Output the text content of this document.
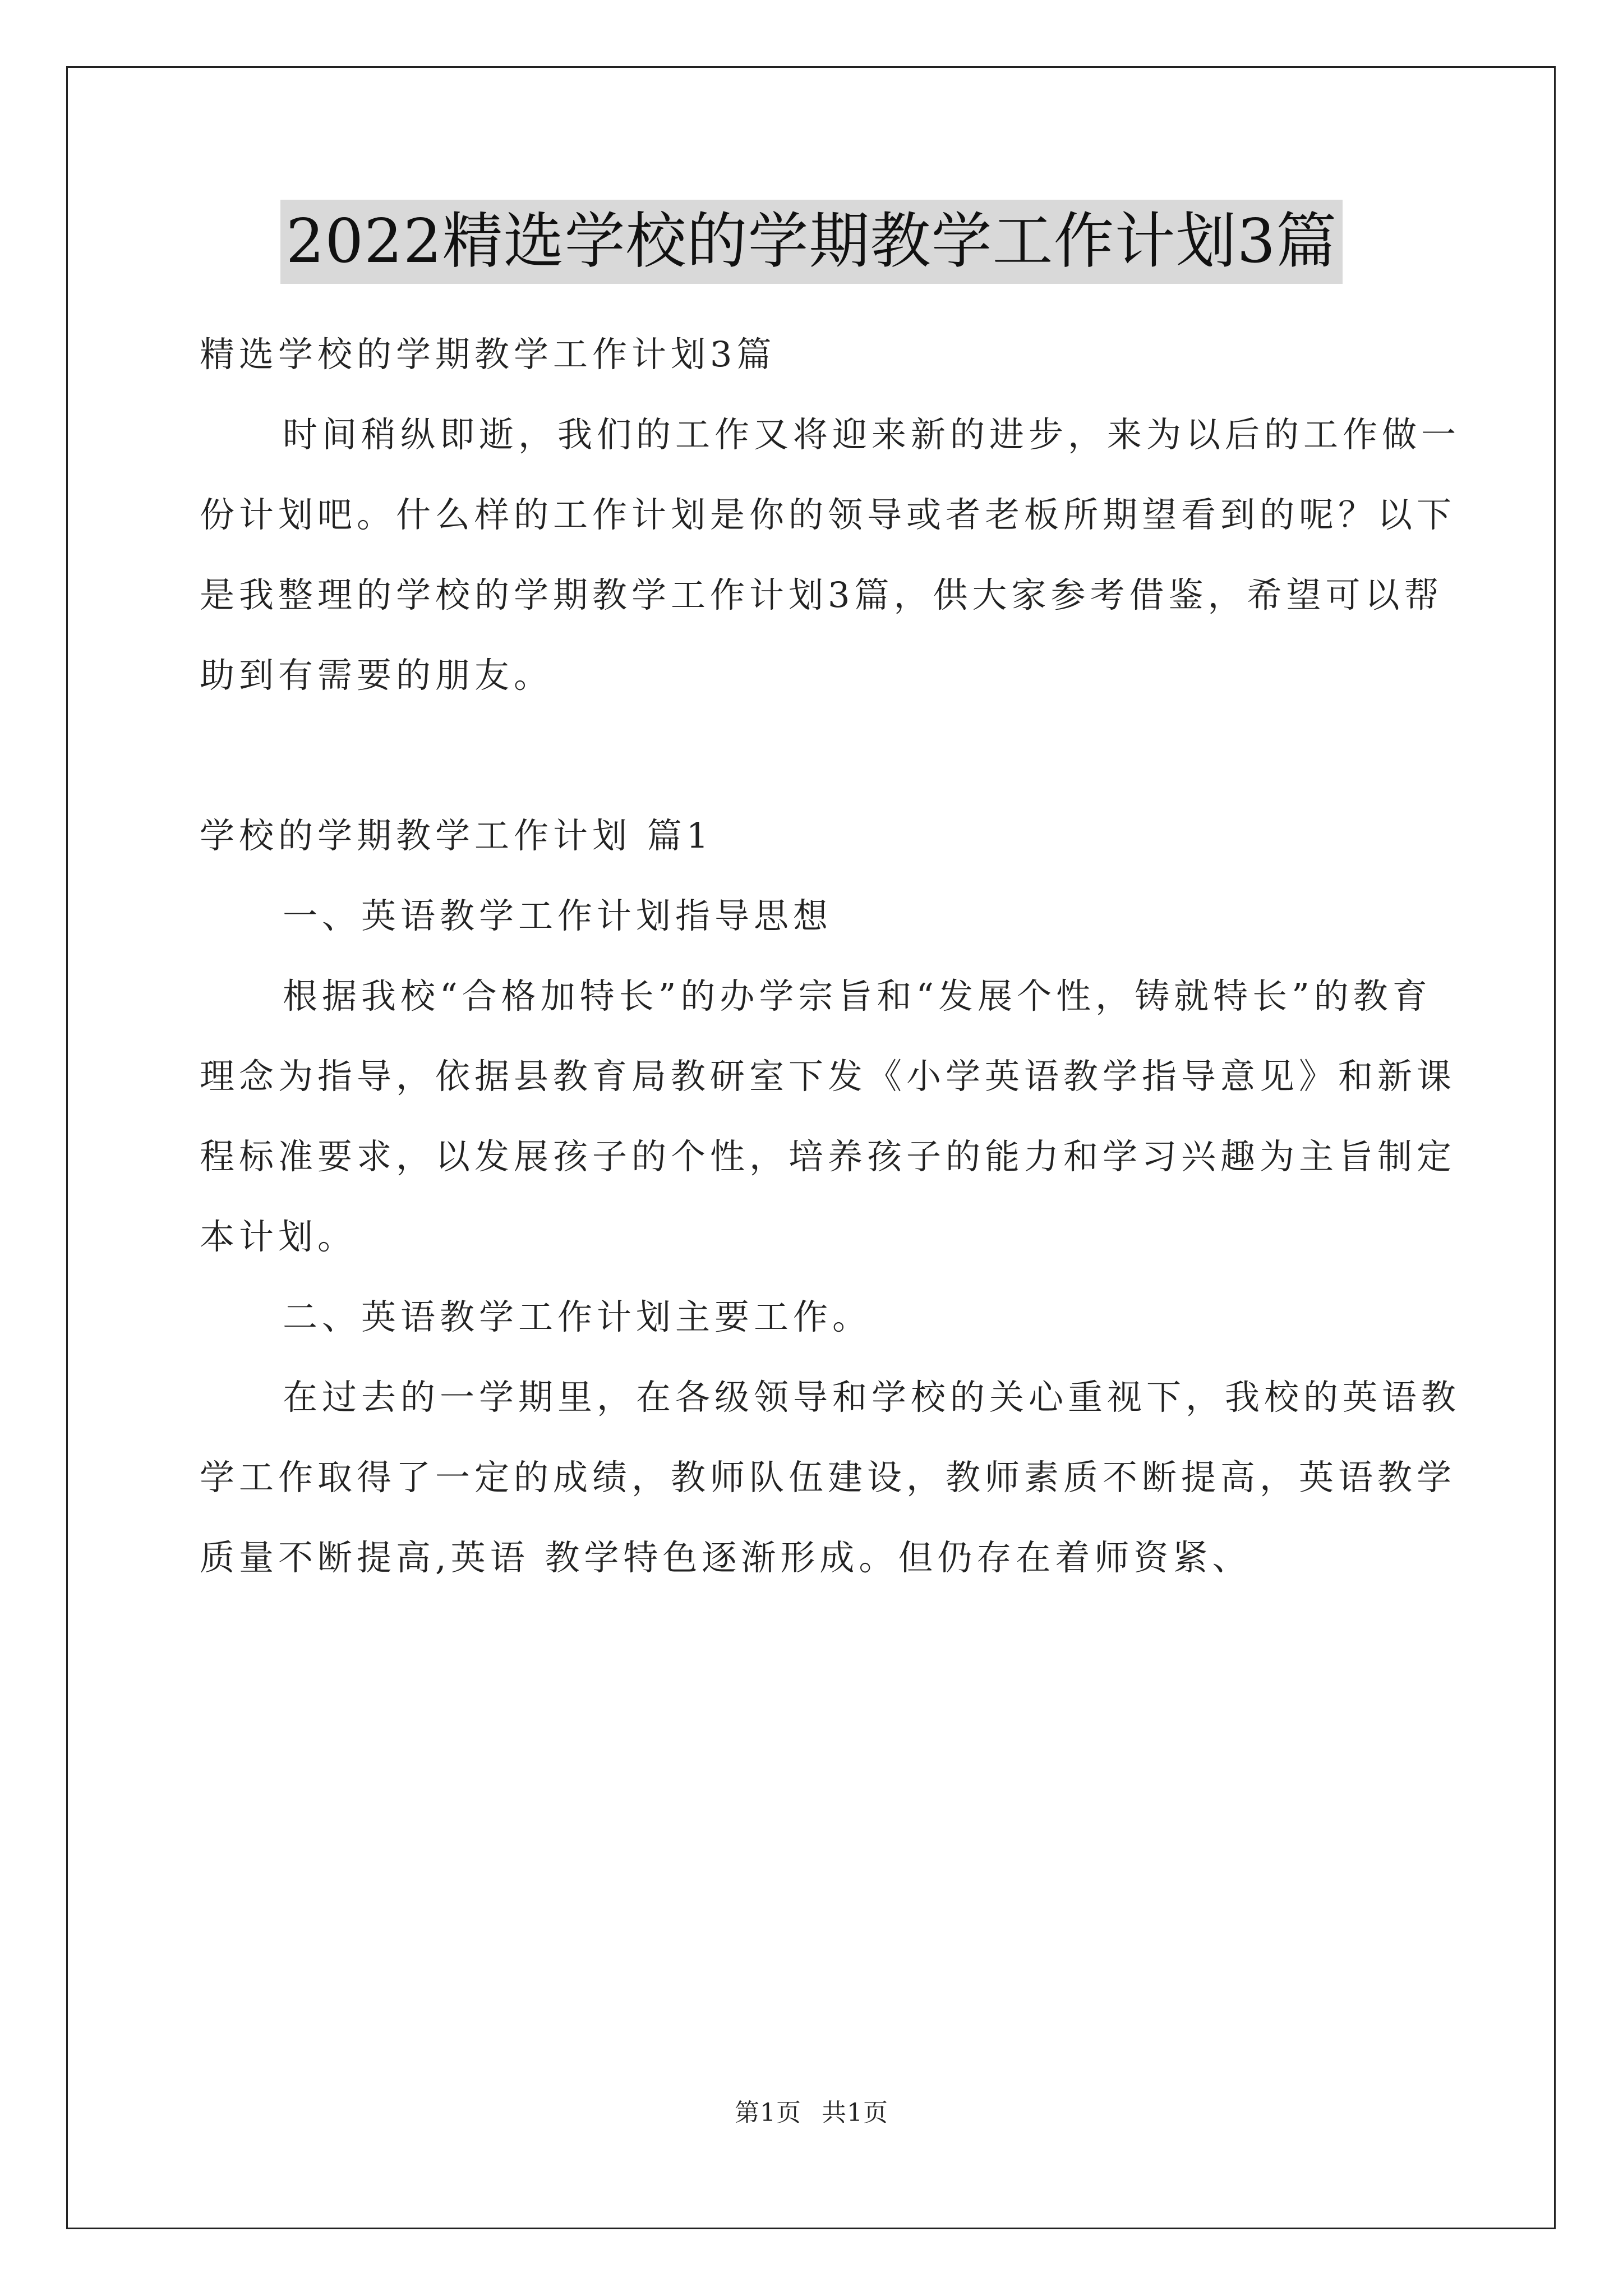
2022精选学校的学期教学工作计划3篇

精选学校的学期教学工作计划3篇

时间稍纵即逝，我们的工作又将迎来新的进步，来为以后的工作做一份计划吧。什么样的工作计划是你的领导或者老板所期望看到的呢？以下是我整理的学校的学期教学工作计划3篇，供大家参考借鉴，希望可以帮助到有需要的朋友。

学校的学期教学工作计划 篇1

一、英语教学工作计划指导思想

根据我校“合格加特长”的办学宗旨和“发展个性，铸就特长”的教育理念为指导，依据县教育局教研室下发《小学英语教学指导意见》和新课程标准要求，以发展孩子的个性，培养孩子的能力和学习兴趣为主旨制定本计划。

二、英语教学工作计划主要工作。

在过去的一学期里，在各级领导和学校的关心重视下，我校的英语教学工作取得了一定的成绩，教师队伍建设，教师素质不断提高，英语教学质量不断提高,英语 教学特色逐渐形成。但仍存在着师资紧、

第1页 共1页
